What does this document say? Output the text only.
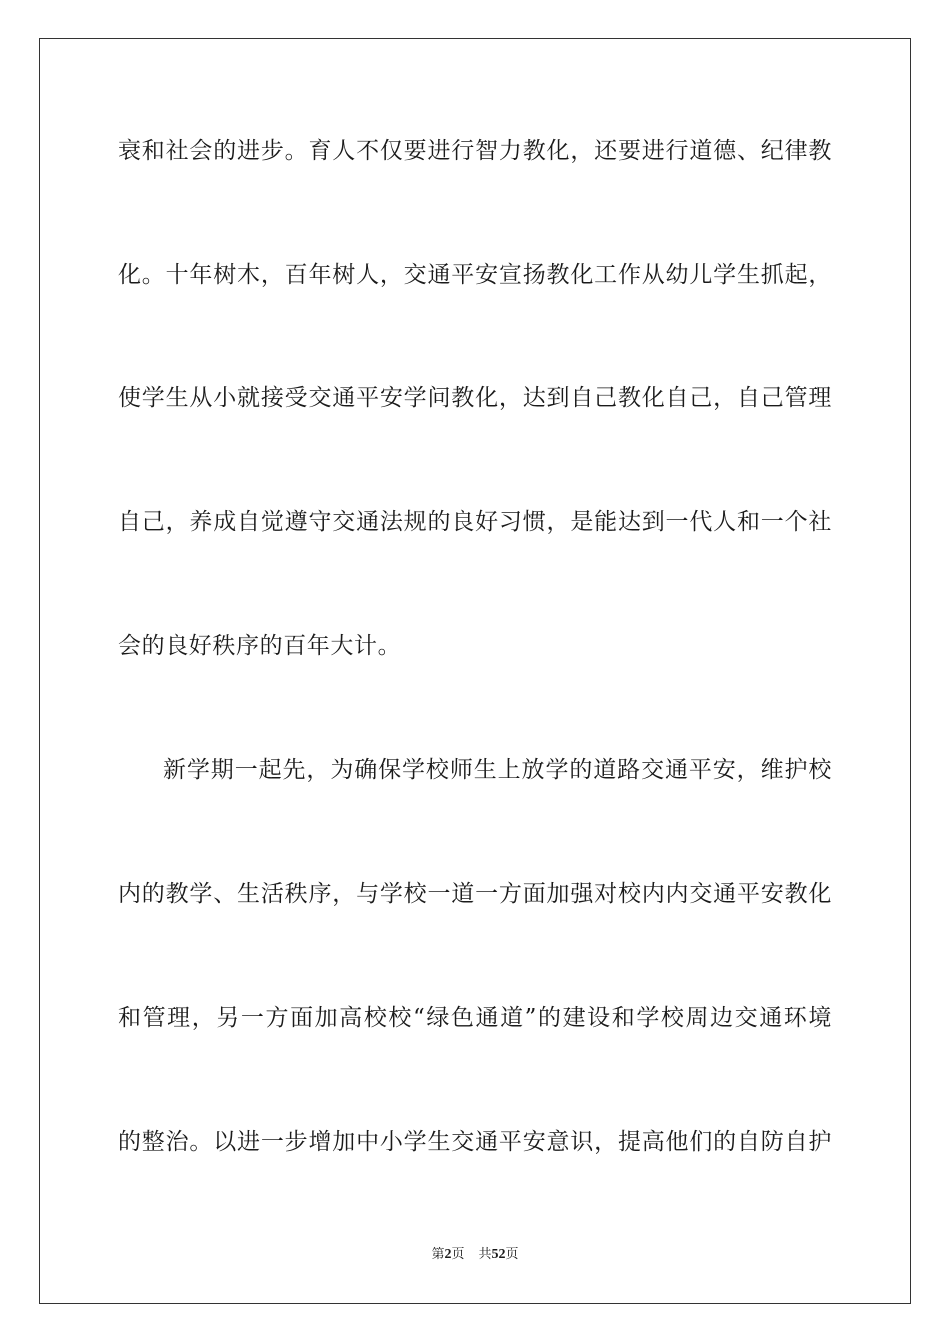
衰和社会的进步。育人不仅要进行智力教化，还要进行道德、纪律教
化。十年树木，百年树人，交通平安宣扬教化工作从幼儿学生抓起，
使学生从小就接受交通平安学问教化，达到自己教化自己，自己管理
自己，养成自觉遵守交通法规的良好习惯，是能达到一代人和一个社
会的良好秩序的百年大计。
新学期一起先，为确保学校师生上放学的道路交通平安，维护校
内的教学、生活秩序，与学校一道一方面加强对校内内交通平安教化
和管理，另一方面加高校校“绿色通道”的建设和学校周边交通环境
的整治。以进一步增加中小学生交通平安意识，提高他们的自防自护
第2页 共52页
